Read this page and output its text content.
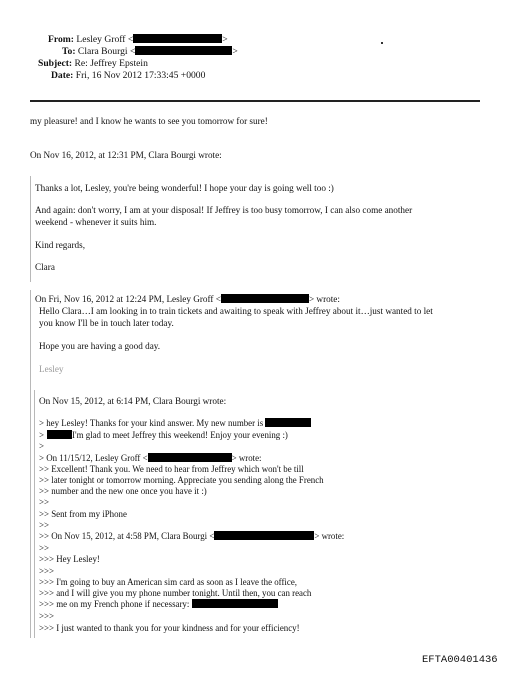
From: Lesley Groff <	>
To: Clara Bourgi <	>
Subject: Re: Jeffrey Epstein
Date: Fri, 16 Nov 2012 17:33:45 +0000
my pleasure! and I know he wants to see you tomorrow for sure!
On Nov 16, 2012, at 12:31 PM, Clara Bourgi wrote:
Thanks a lot, Lesley, you're being wonderful! I hope your day is going well too :)
And again: don't worry, I am at your disposal! If Jeffrey is too busy tomorrow, I can also come another
weekend - whenever it suits him.
Kind regards,
Clara
On Fri, Nov 16, 2012 at 12:24 PM, Lesley Groff <	> wrote:
Hello Clara…I am looking in to train tickets and awaiting to speak with Jeffrey about it…just wanted to let
you know I'll be in touch later today.
Hope you are having a good day.
Lesley
On Nov 15, 2012, at 6:14 PM, Clara Bourgi wrote:
> hey Lesley! Thanks for your kind answer. My new number is
>	I'm glad to meet Jeffrey this weekend! Enjoy your evening :)
>
> On 11/15/12, Lesley Groff <	> wrote:
>> Excellent! Thank you. We need to hear from Jeffrey which won't be till
>> later tonight or tomorrow morning. Appreciate you sending along the French
>> number and the new one once you have it :)
>>
>> Sent from my iPhone
>>
>> On Nov 15, 2012, at 4:58 PM, Clara Bourgi <	> wrote:
>>
>>> Hey Lesley!
>>>
>>> I'm going to buy an American sim card as soon as I leave the office,
>>> and I will give you my phone number tonight. Until then, you can reach
>>> me on my French phone if necessary:
>>>
>>> I just wanted to thank you for your kindness and for your efficiency!
EFTA00401436
